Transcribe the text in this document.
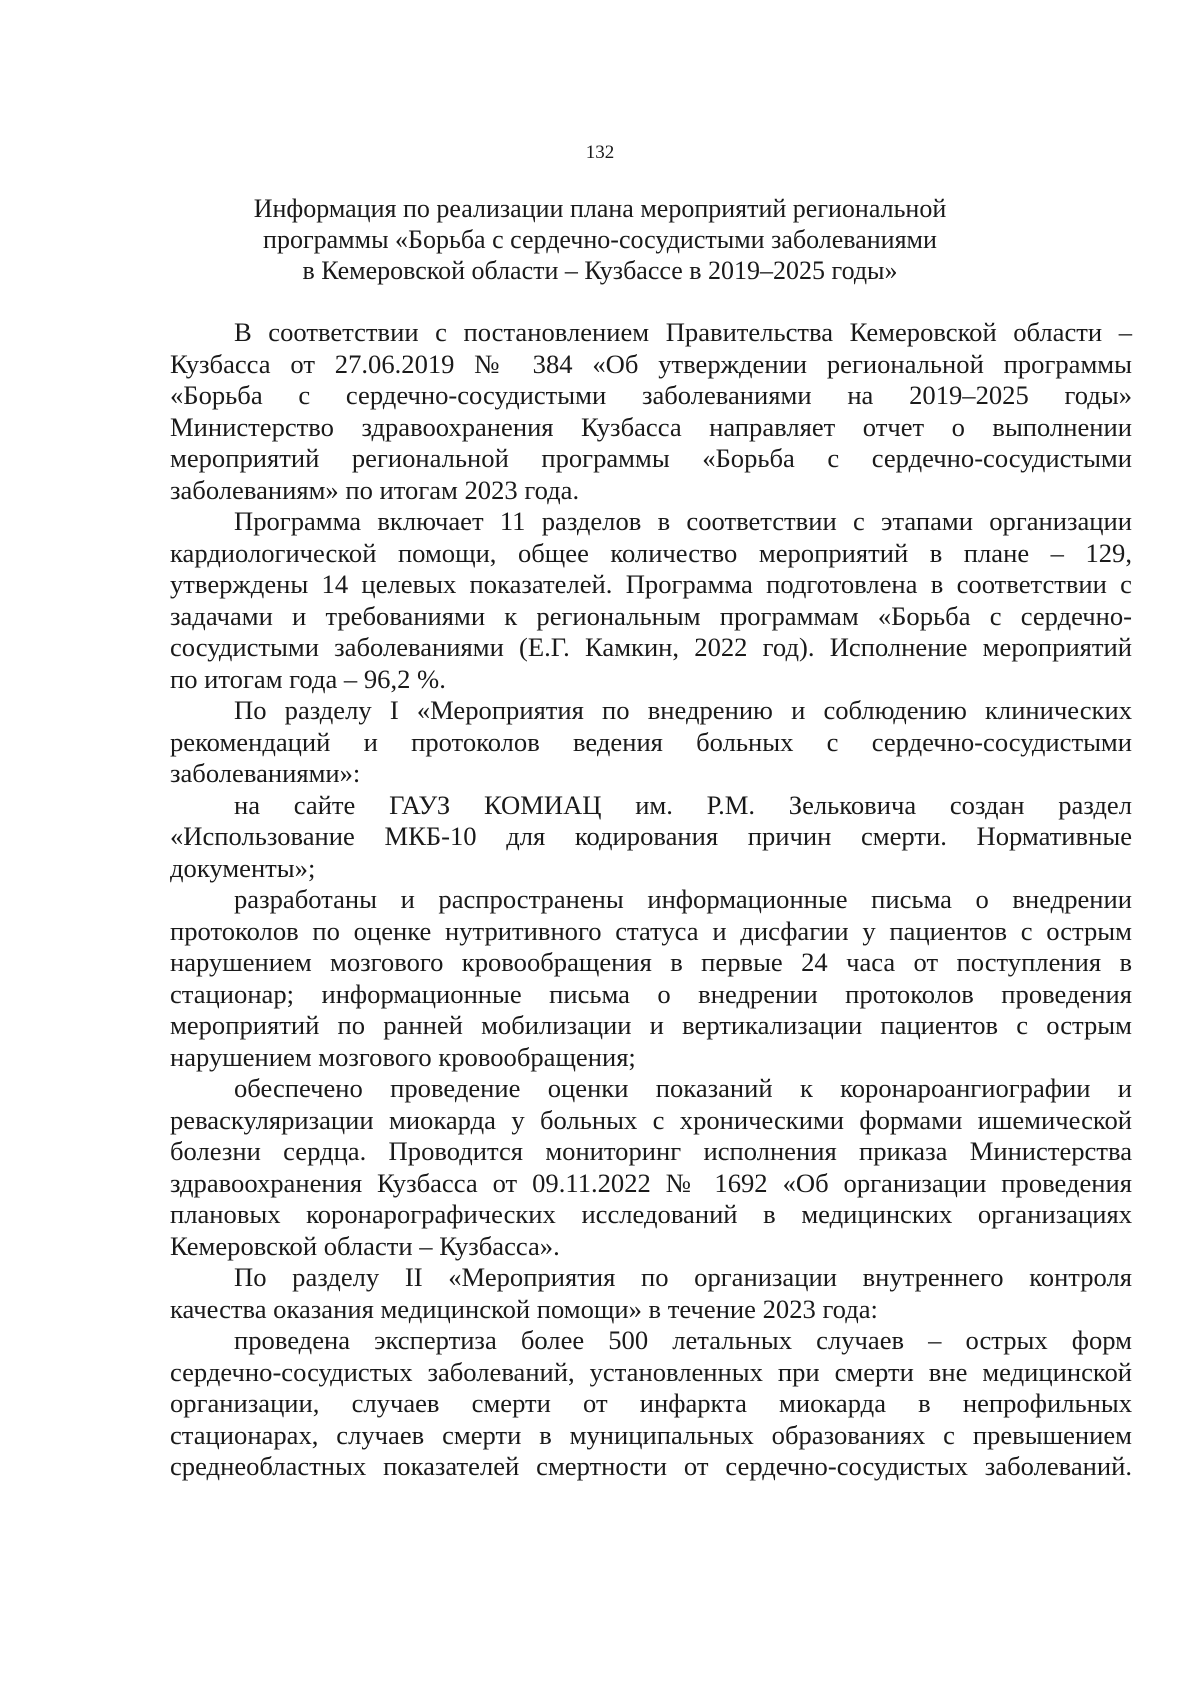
132
Информация по реализации плана мероприятий региональной
программы «Борьба с сердечно-сосудистыми заболеваниями
в Кемеровской области – Кузбассе в 2019–2025 годы»
В соответствии с постановлением Правительства Кемеровской области –
Кузбасса от 27.06.2019 № 384 «Об утверждении региональной программы
«Борьба с сердечно-сосудистыми заболеваниями на 2019–2025 годы»
Министерство здравоохранения Кузбасса направляет отчет о выполнении
мероприятий региональной программы «Борьба с сердечно-сосудистыми
заболеваниям» по итогам 2023 года.
Программа включает 11 разделов в соответствии с этапами организации
кардиологической помощи, общее количество мероприятий в плане – 129,
утверждены 14 целевых показателей. Программа подготовлена в соответствии с
задачами и требованиями к региональным программам «Борьба с сердечно-
сосудистыми заболеваниями (Е.Г. Камкин, 2022 год). Исполнение мероприятий
по итогам года – 96,2 %.
По разделу I «Мероприятия по внедрению и соблюдению клинических
рекомендаций и протоколов ведения больных с сердечно-сосудистыми
заболеваниями»:
на сайте ГАУЗ КОМИАЦ им. Р.М. Зельковича создан раздел
«Использование МКБ-10 для кодирования причин смерти. Нормативные
документы»;
разработаны и распространены информационные письма о внедрении
протоколов по оценке нутритивного статуса и дисфагии у пациентов с острым
нарушением мозгового кровообращения в первые 24 часа от поступления в
стационар; информационные письма о внедрении протоколов проведения
мероприятий по ранней мобилизации и вертикализации пациентов с острым
нарушением мозгового кровообращения;
обеспечено проведение оценки показаний к коронароангиографии и
реваскуляризации миокарда у больных с хроническими формами ишемической
болезни сердца. Проводится мониторинг исполнения приказа Министерства
здравоохранения Кузбасса от 09.11.2022 № 1692 «Об организации проведения
плановых коронарографических исследований в медицинских организациях
Кемеровской области – Кузбасса».
По разделу II «Мероприятия по организации внутреннего контроля
качества оказания медицинской помощи» в течение 2023 года:
проведена экспертиза более 500 летальных случаев – острых форм
сердечно-сосудистых заболеваний, установленных при смерти вне медицинской
организации, случаев смерти от инфаркта миокарда в непрофильных
стационарах, случаев смерти в муниципальных образованиях с превышением
среднеобластных показателей смертности от сердечно-сосудистых заболеваний.
